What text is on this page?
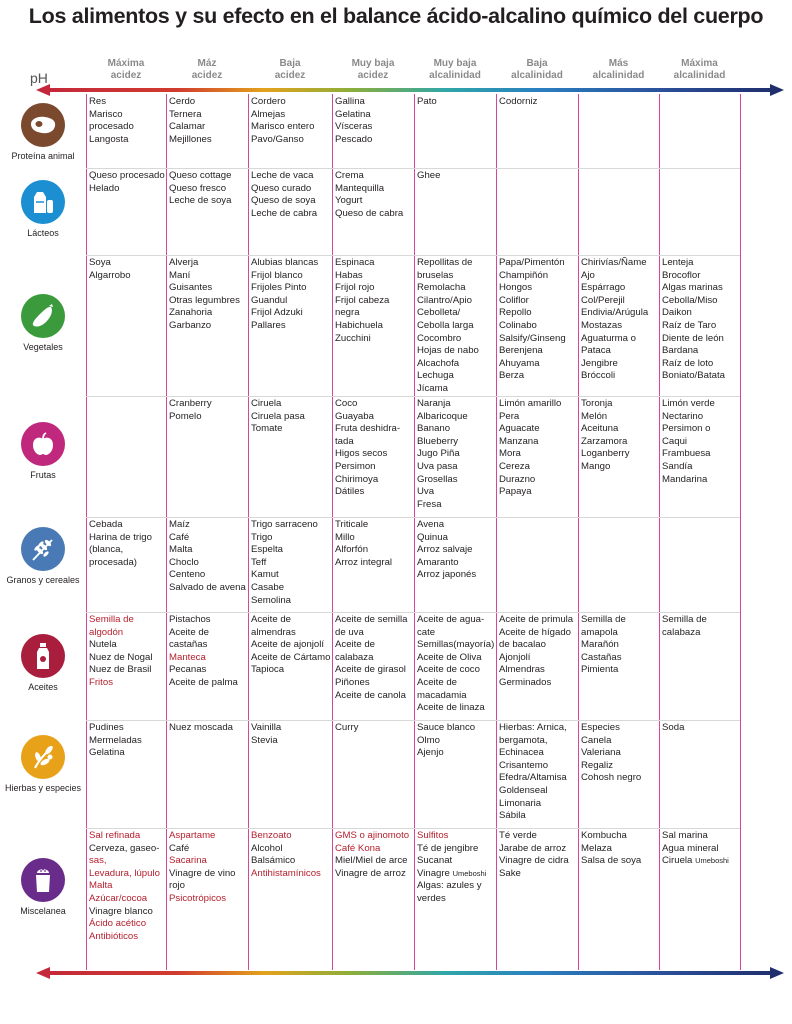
Los alimentos y su efecto en el balance ácido-alcalino químico del cuerpo
pH
Máxima
acidez
Máz
acidez
Baja
acidez
Muy baja
acidez
Muy baja
alcalinidad
Baja
alcalinidad
Más
alcalinidad
Máxima
alcalinidad
Res
Marisco
procesado
Langosta
Cerdo
Ternera
Calamar
Mejillones
Cordero
Almejas
Marisco entero
Pavo/Ganso
Gallina
Gelatina
Vísceras
Pescado
Pato	Codorniz
Queso procesado
Helado
Queso cottage
Queso fresco
Leche de soya
Leche de vaca
Queso curado
Queso de soya
Leche de cabra
Crema
Mantequilla
Yogurt
Queso de cabra
Ghee
Soya
Algarrobo
Alverja
Maní
Guisantes
Otras legumbres
Zanahoria
Garbanzo
Alubias blancas
Frijol blanco
Frijoles Pinto
Guandul
Frijol Adzuki
Pallares
Espinaca
Habas
Frijol rojo
Frijol cabeza
negra
Habichuela
Zucchini
Repollitas de
bruselas
Remolacha
Cilantro/Apio
Cebolleta/
Cebolla larga
Cocombro
Hojas de nabo
Alcachofa
Lechuga
Jícama
Papa/Pimentón
Champiñón
Hongos
Coliflor
Repollo
Colinabo
Salsify/Ginseng
Berenjena
Ahuyama
Berza
Chirivías/Ñame
Ajo
Espárrago
Col/Perejil
Endivia/Arúgula
Mostazas
Aguaturma o
Pataca
Jengibre
Bróccoli
Lenteja
Brocoflor
Algas marinas
Cebolla/Miso
Daikon
Raíz de Taro
Diente de león
Bardana
Raíz de loto
Boniato/Batata
Cranberry
Pomelo
Ciruela
Ciruela pasa
Tomate
Coco
Guayaba
Fruta deshidra-
tada
Higos secos
Persimon
Chirimoya
Dátiles
Naranja
Albaricoque
Banano
Blueberry
Jugo Piña
Uva pasa
Grosellas
Uva
Fresa
Limón amarillo
Pera
Aguacate
Manzana
Mora
Cereza
Durazno
Papaya
Toronja
Melón
Aceituna
Zarzamora
Loganberry
Mango
Limón verde
Nectarino
Persimon o
Caqui
Frambuesa
Sandía
Mandarina
Cebada
Harina de trigo
(blanca,
procesada)
Maíz
Café
Malta
Choclo
Centeno
Salvado de avena
Trigo sarraceno
Trigo
Espelta
Teff
Kamut
Casabe
Semolina
Triticale
Millo
Alforfón
Arroz integral
Avena
Quinua
Arroz salvaje
Amaranto
Arroz japonés
Semilla de
algodón
Nutela
Nuez de Nogal
Nuez de Brasil
Fritos
Pistachos
Aceite de
castañas
Manteca
Pecanas
Aceite de palma
Aceite de
almendras
Aceite de ajonjolí
Aceite de Cártamo
Tapioca
Aceite de semilla
de uva
Aceite de
calabaza
Aceite de girasol
Piñones
Aceite de canola
Aceite de agua-
cate
Semillas(mayoría)
Aceite de Oliva
Aceite de coco
Aceite de
macadamia
Aceite de linaza
Aceite de primula
Aceite de hígado
de bacalao
Ajonjolí
Almendras
Germinados
Semilla de
amapola
Marañón
Castañas
Pimienta
Semilla de
calabaza
Pudines
Mermeladas
Gelatina
Nuez moscada Vainilla
Stevia
Curry	Sauce blanco
Olmo
Ajenjo
Hierbas: Arnica,
bergamota,
Echinacea
Crisantemo
Efedra/Altamisa
Goldenseal
Limonaria
Sábila
Especies
Canela
Valeriana
Regaliz
Cohosh negro
Soda
Sal refinada
Cerveza, gaseo-
sas,
Levadura, lúpulo
Malta
Azúcar/cocoa
Vinagre blanco
Ácido acético
Antibióticos
Aspartame
Café
Sacarina
Vinagre de vino
rojo
Psicotrópicos
Benzoato
Alcohol
Balsámico
Antihistamínicos
GMS o ajinomoto
Café Kona
Miel/Miel de arce
Vinagre de arroz
Sulfitos
Té de jengibre
Sucanat
Vinagre Umeboshi
Algas: azules y
verdes
Té verde
Jarabe de arroz
Vinagre de cidra
Sake
Kombucha
Melaza
Salsa de soya
Sal marina
Agua mineral
Ciruela Umeboshi
Proteína animal
Lácteos
Vegetales
Frutas
Granos y cereales
Aceites
Hierbas y especies
Miscelanea
